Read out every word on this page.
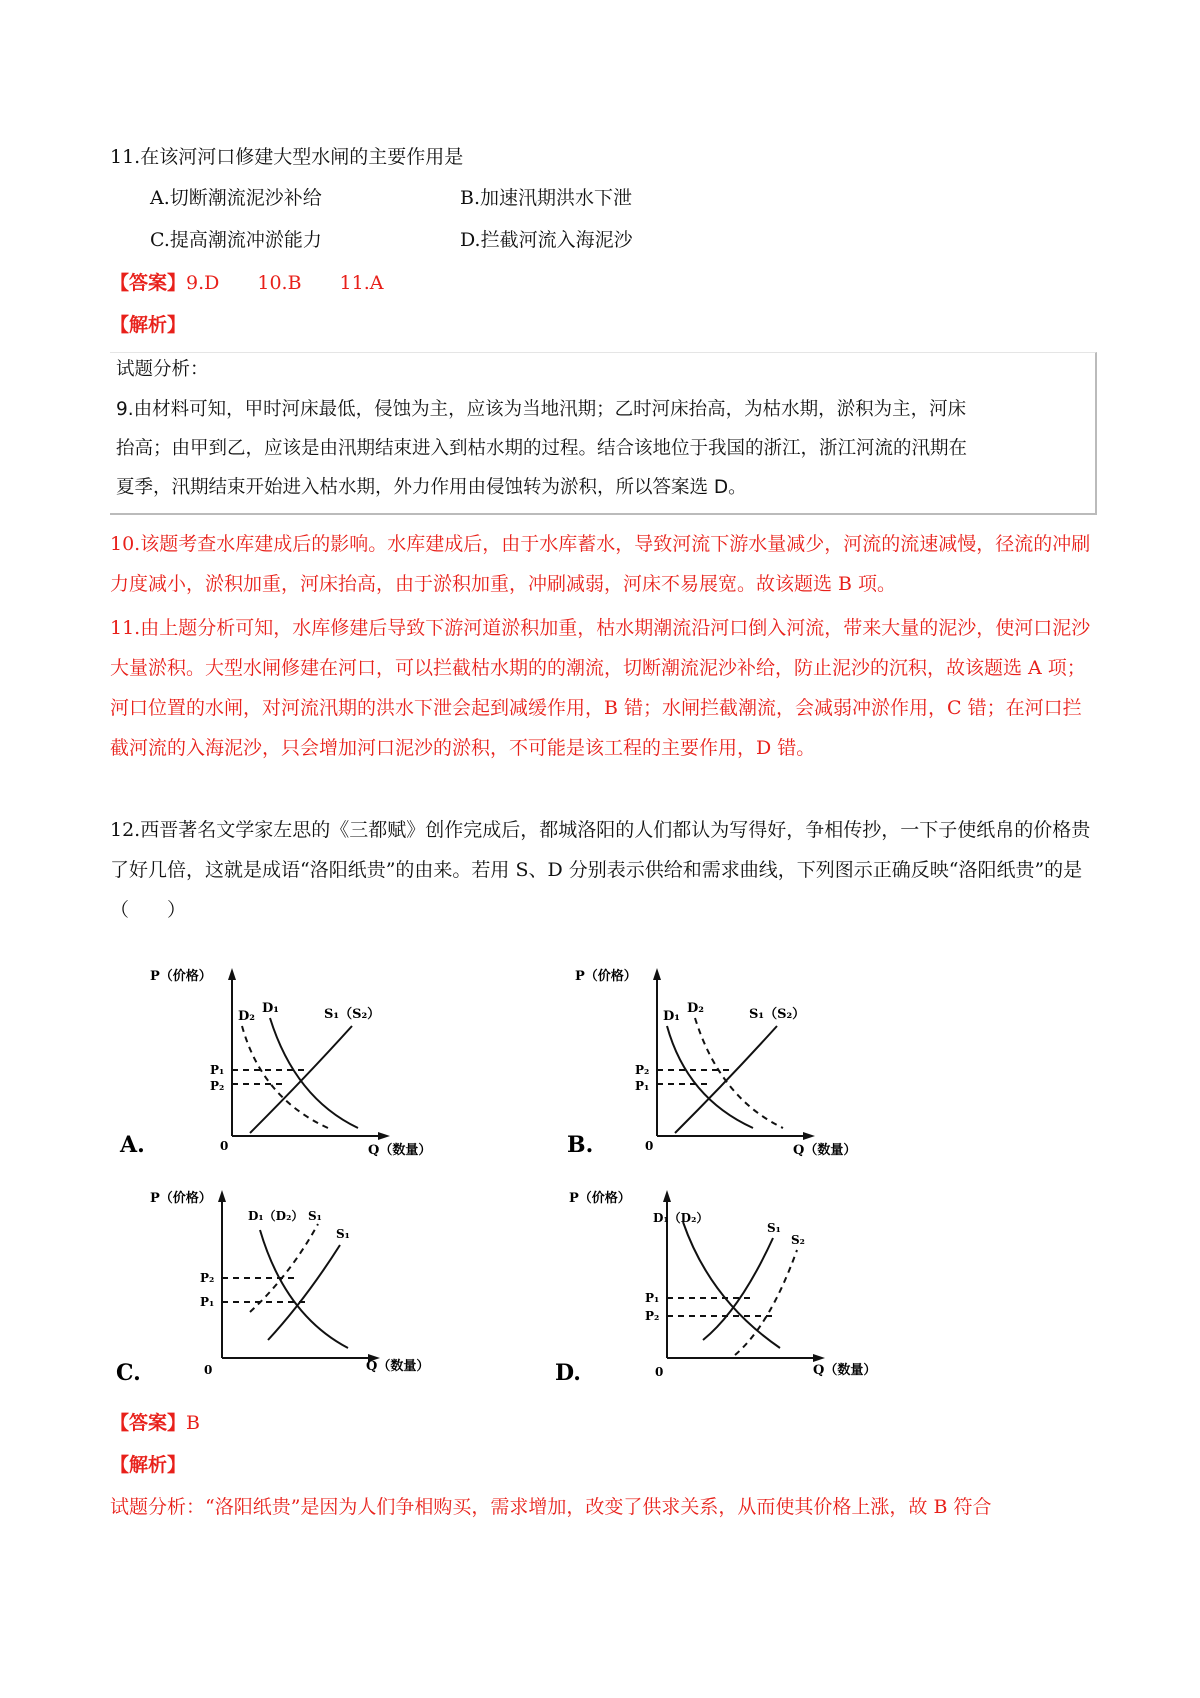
11.在该河河口修建大型水闸的主要作用是
A.切断潮流泥沙补给	B.加速汛期洪水下泄
C.提高潮流冲淤能力	D.拦截河流入海泥沙
【答案】9.D　　10.B　　11.A
【解析】
试题分析：
9.由材料可知，甲时河床最低，侵蚀为主，应该为当地汛期；乙时河床抬高，为枯水期，淤积为主，河床
抬高；由甲到乙，应该是由汛期结束进入到枯水期的过程。结合该地位于我国的浙江，浙江河流的汛期在
夏季，汛期结束开始进入枯水期，外力作用由侵蚀转为淤积，所以答案选 D。
10.该题考查水库建成后的影响。水库建成后，由于水库蓄水，导致河流下游水量减少，河流的流速减慢，径流的冲刷力度减小，淤积加重，河床抬高，由于淤积加重，冲刷减弱，河床不易展宽。故该题选 B 项。
11.由上题分析可知，水库修建后导致下游河道淤积加重，枯水期潮流沿河口倒入河流，带来大量的泥沙，使河口泥沙大量淤积。大型水闸修建在河口，可以拦截枯水期的的潮流，切断潮流泥沙补给，防止泥沙的沉积，故该题选 A 项；河口位置的水闸，对河流汛期的洪水下泄会起到减缓作用，B 错；水闸拦截潮流，会减弱冲淤作用，C 错；在河口拦截河流的入海泥沙，只会增加河口泥沙的淤积，不可能是该工程的主要作用，D 错。
12.西晋著名文学家左思的《三都赋》创作完成后，都城洛阳的人们都认为写得好，争相传抄，一下子使纸帛的价格贵了好几倍，这就是成语“洛阳纸贵”的由来。若用 S、D 分别表示供给和需求曲线，下列图示正确反映“洛阳纸贵”的是（　　）
P（价格）
D₂
D₁	S₁（S₂）
P₁
P₂
0	Q（数量）
A.
P（价格）
D₁
D₂	S₁（S₂）
P₂
P₁
0	Q（数量）
B.
P（价格）
D₁（D₂） S₁
S₁
P₂
P₁
0	Q（数量）
C.
P（价格）
D₁（D₂）
S₁
S₂
P₁
P₂
0	Q（数量）
D.
【答案】B
【解析】
试题分析：“洛阳纸贵”是因为人们争相购买，需求增加，改变了供求关系，从而使其价格上涨，故 B 符合
